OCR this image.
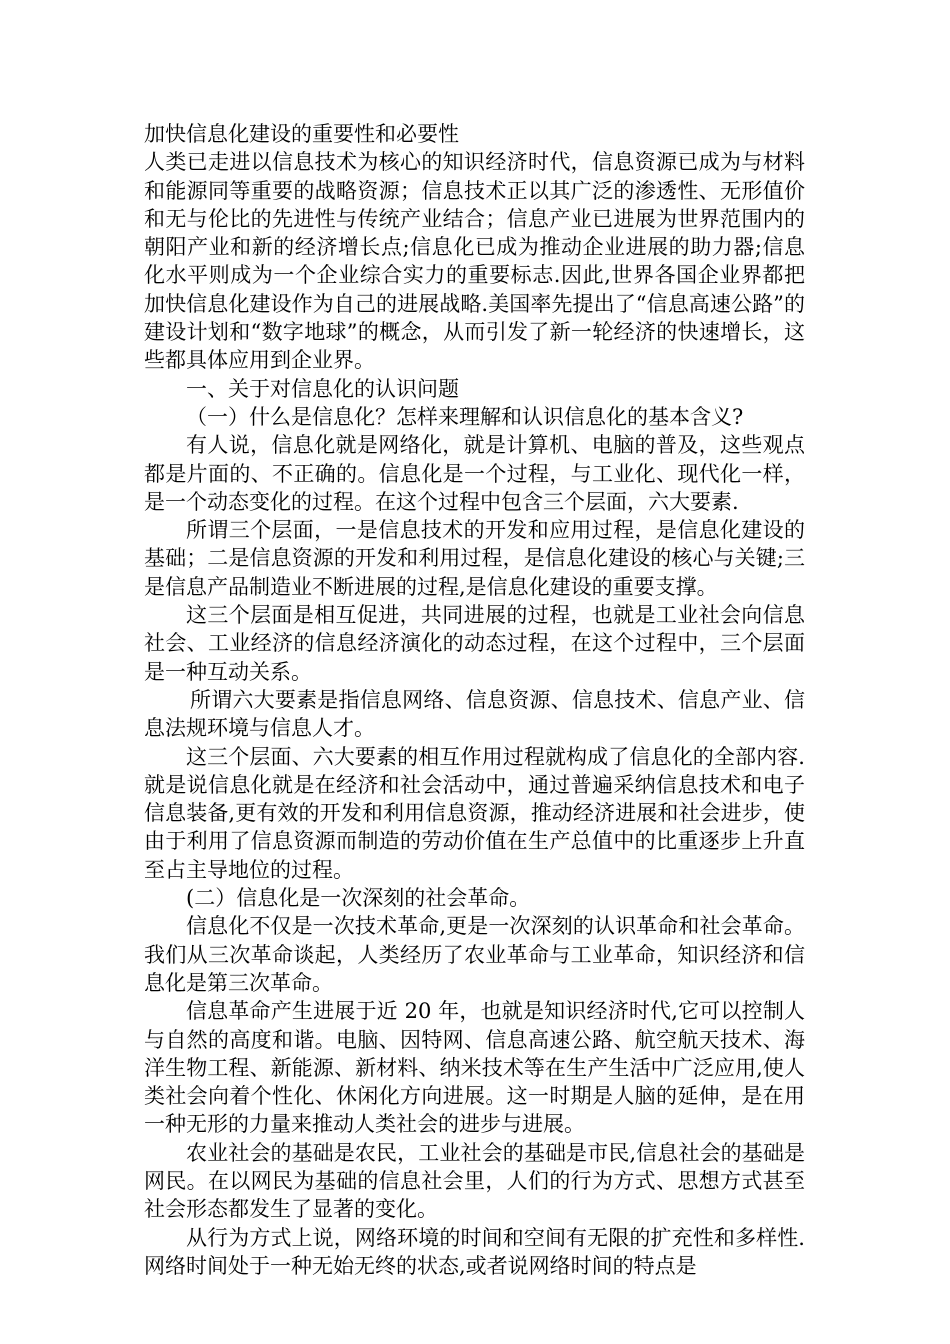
加快信息化建设的重要性和必要性

人类已走进以信息技术为核心的知识经济时代，信息资源已成为与材料和能源同等重要的战略资源；信息技术正以其广泛的渗透性、无形值价和无与伦比的先进性与传统产业结合；信息产业已进展为世界范围内的朝阳产业和新的经济增长点;信息化已成为推动企业进展的助力器;信息化水平则成为一个企业综合实力的重要标志.因此,世界各国企业界都把加快信息化建设作为自己的进展战略.美国率先提出了“信息高速公路”的建设计划和“数字地球”的概念，从而引发了新一轮经济的快速增长，这些都具体应用到企业界。

一、关于对信息化的认识问题

（一）什么是信息化？怎样来理解和认识信息化的基本含义?

有人说，信息化就是网络化，就是计算机、电脑的普及，这些观点都是片面的、不正确的。信息化是一个过程，与工业化、现代化一样，是一个动态变化的过程。在这个过程中包含三个层面，六大要素.

所谓三个层面，一是信息技术的开发和应用过程，是信息化建设的基础；二是信息资源的开发和利用过程，是信息化建设的核心与关键;三是信息产品制造业不断进展的过程,是信息化建设的重要支撑。

这三个层面是相互促进，共同进展的过程，也就是工业社会向信息社会、工业经济的信息经济演化的动态过程，在这个过程中，三个层面是一种互动关系。

所谓六大要素是指信息网络、信息资源、信息技术、信息产业、信息法规环境与信息人才。

这三个层面、六大要素的相互作用过程就构成了信息化的全部内容.就是说信息化就是在经济和社会活动中，通过普遍采纳信息技术和电子信息装备,更有效的开发和利用信息资源，推动经济进展和社会进步，使由于利用了信息资源而制造的劳动价值在生产总值中的比重逐步上升直至占主导地位的过程。

(二）信息化是一次深刻的社会革命。

信息化不仅是一次技术革命,更是一次深刻的认识革命和社会革命。我们从三次革命谈起，人类经历了农业革命与工业革命，知识经济和信息化是第三次革命。

信息革命产生进展于近 20 年，也就是知识经济时代,它可以控制人与自然的高度和谐。电脑、因特网、信息高速公路、航空航天技术、海洋生物工程、新能源、新材料、纳米技术等在生产生活中广泛应用,使人类社会向着个性化、休闲化方向进展。这一时期是人脑的延伸，是在用一种无形的力量来推动人类社会的进步与进展。

农业社会的基础是农民，工业社会的基础是市民,信息社会的基础是网民。在以网民为基础的信息社会里，人们的行为方式、思想方式甚至社会形态都发生了显著的变化。

从行为方式上说，网络环境的时间和空间有无限的扩充性和多样性.网络时间处于一种无始无终的状态,或者说网络时间的特点是
